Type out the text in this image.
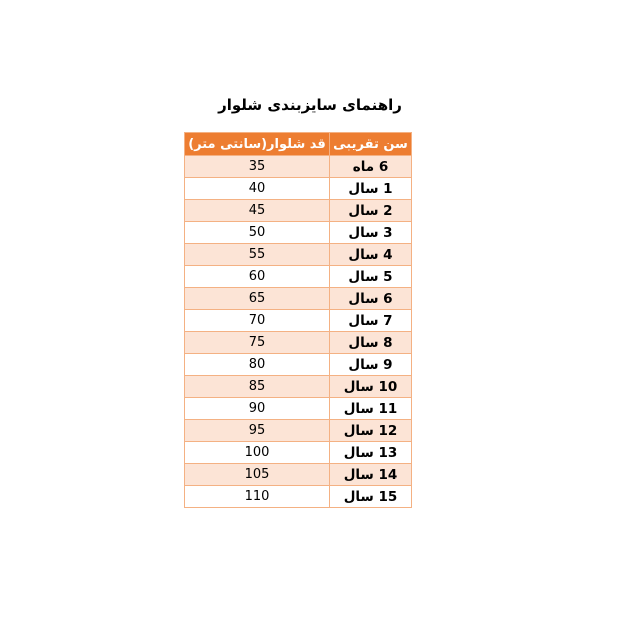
راهنمای سایزبندی شلوار
قد شلوار(سانتی متر)	سن تقریبی
35	6 ماه
40	1 سال
45	2 سال
50	3 سال
55	4 سال
60	5 سال
65	6 سال
70	7 سال
75	8 سال
80	9 سال
85	10 سال
90	11 سال
95	12 سال
100	13 سال
105	14 سال
110	15 سال
